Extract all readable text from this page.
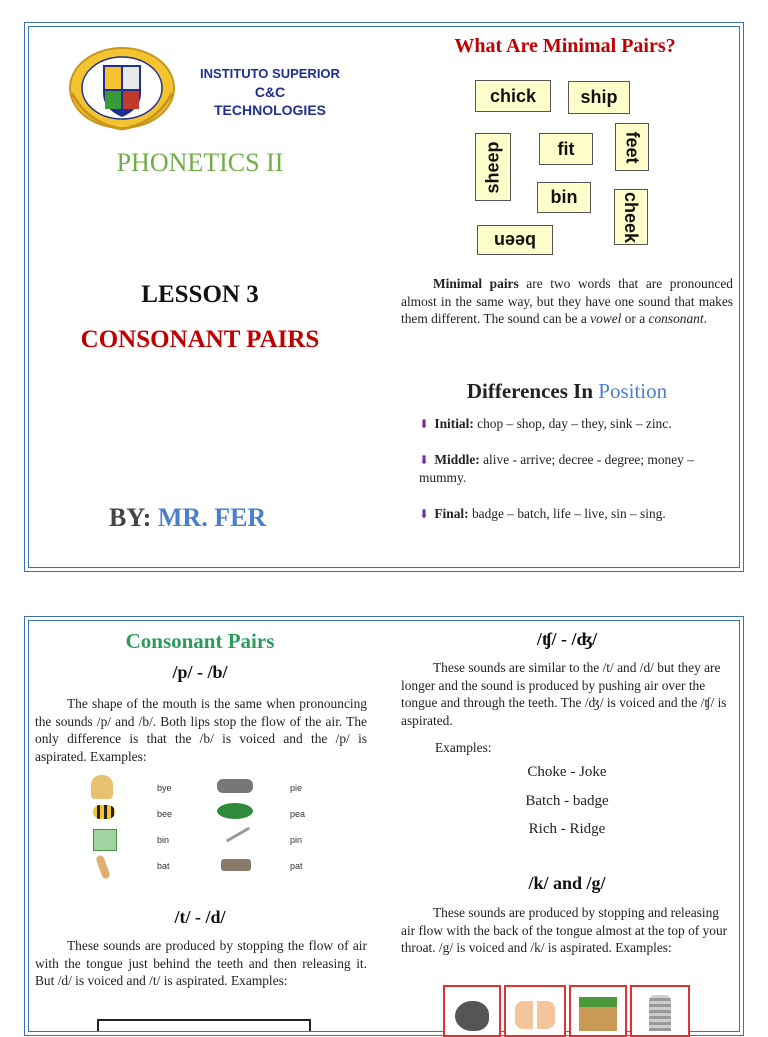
INSTITUTO SUPERIOR
C&C TECHNOLOGIES
PHONETICS II
LESSON 3
CONSONANT PAIRS
BY: MR. FER
What Are Minimal Pairs?
chick	ship
sheep	fit	feet
bin	cheek
been
Minimal pairs are two words that are pronounced almost in the same way, but they have one sound that makes them different. The sound can be a vowel or a consonant.
Differences In Position
⬇ Initial: chop – shop, day – they, sink – zinc.
⬇ Middle: alive - arrive; decree - degree; money – mummy.
⬇ Final: badge – batch, life – live, sin – sing.
Consonant Pairs
/p/ - /b/
The shape of the mouth is the same when pronouncing the sounds /p/ and /b/. Both lips stop the flow of the air. The only difference is that the /b/ is voiced and the /p/ is aspirated. Examples:
bye	pie
bee	pea
bin	pin
bat	pat
/t/ - /d/
These sounds are produced by stopping the flow of air with the tongue just behind the teeth and then releasing it. But /d/ is voiced and /t/ is aspirated. Examples:
/ʧ/ - /ʤ/
These sounds are similar to the /t/ and /d/ but they are longer and the sound is produced by pushing air over the tongue and through the teeth. The /ʤ/ is voiced and the /ʧ/ is aspirated.
Examples:
Choke - Joke
Batch - badge
Rich - Ridge
/k/ and /g/
These sounds are produced by stopping and releasing air flow with the back of the tongue almost at the top of your throat. /g/ is voiced and /k/ is aspirated. Examples:
